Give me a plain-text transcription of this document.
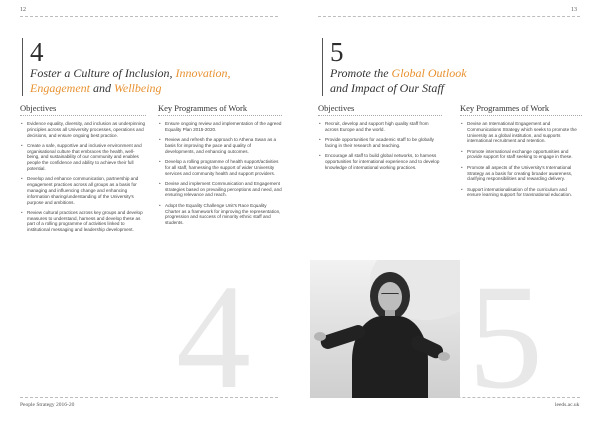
12
4
Foster a Culture of Inclusion, Innovation,
Engagement and Wellbeing
Objectives
• Evidence equality, diversity, and inclusion as underpinning principles across all University processes, operations and decisions, and ensure ongoing best practice.
• Create a safe, supportive and inclusive environment and organisational culture that embraces the health, well-being, and sustainability of our community and enables people the confidence and ability to achieve their full potential.
• Develop and enhance communication, partnership and engagement practices across all groups as a basis for managing and influencing change and enhancing information sharing/understanding of the University's purpose and ambitions.
• Review cultural practices across key groups and develop measures to understand, harness and develop these as part of a rolling programme of activities linked to institutional messaging and leadership development.
Key Programmes of Work
• Ensure ongoing review and implementation of the agreed Equality Plan 2015-2020.
• Review and refresh the approach to Athena Swan as a basis for improving the pace and quality of developments, and enhancing outcomes.
• Develop a rolling programme of health support/activities for all staff, harnessing the support of wider University services and community health and support providers.
• Devise and implement Communication and Engagement strategies based on prevailing perceptions and need, and ensuring relevance and reach.
• Adopt the Equality Challenge Unit's Race Equality Charter as a framework for improving the representation, progression and success of minority ethnic staff and students.
4
People Strategy 2016-20
13
5
Promote the Global Outlook
and Impact of Our Staff
Objectives
• Recruit, develop and support high quality staff from across Europe and the world.
• Provide opportunities for academic staff to be globally facing in their research and teaching.
• Encourage all staff to build global networks, to harness opportunities for international experience and to develop knowledge of international working practices.
Key Programmes of Work
• Devise an International Engagement and Communications Strategy which seeks to promote the University as a global institution, and supports international recruitment and retention.
• Promote international exchange opportunities and provide support for staff seeking to engage in these.
• Promote all aspects of the University's International Strategy as a basis for creating broader awareness, clarifying responsibilities and rewarding delivery.
• Support internationalisation of the curriculum and ensure learning support for transnational education.
5 leeds.ac.uk
